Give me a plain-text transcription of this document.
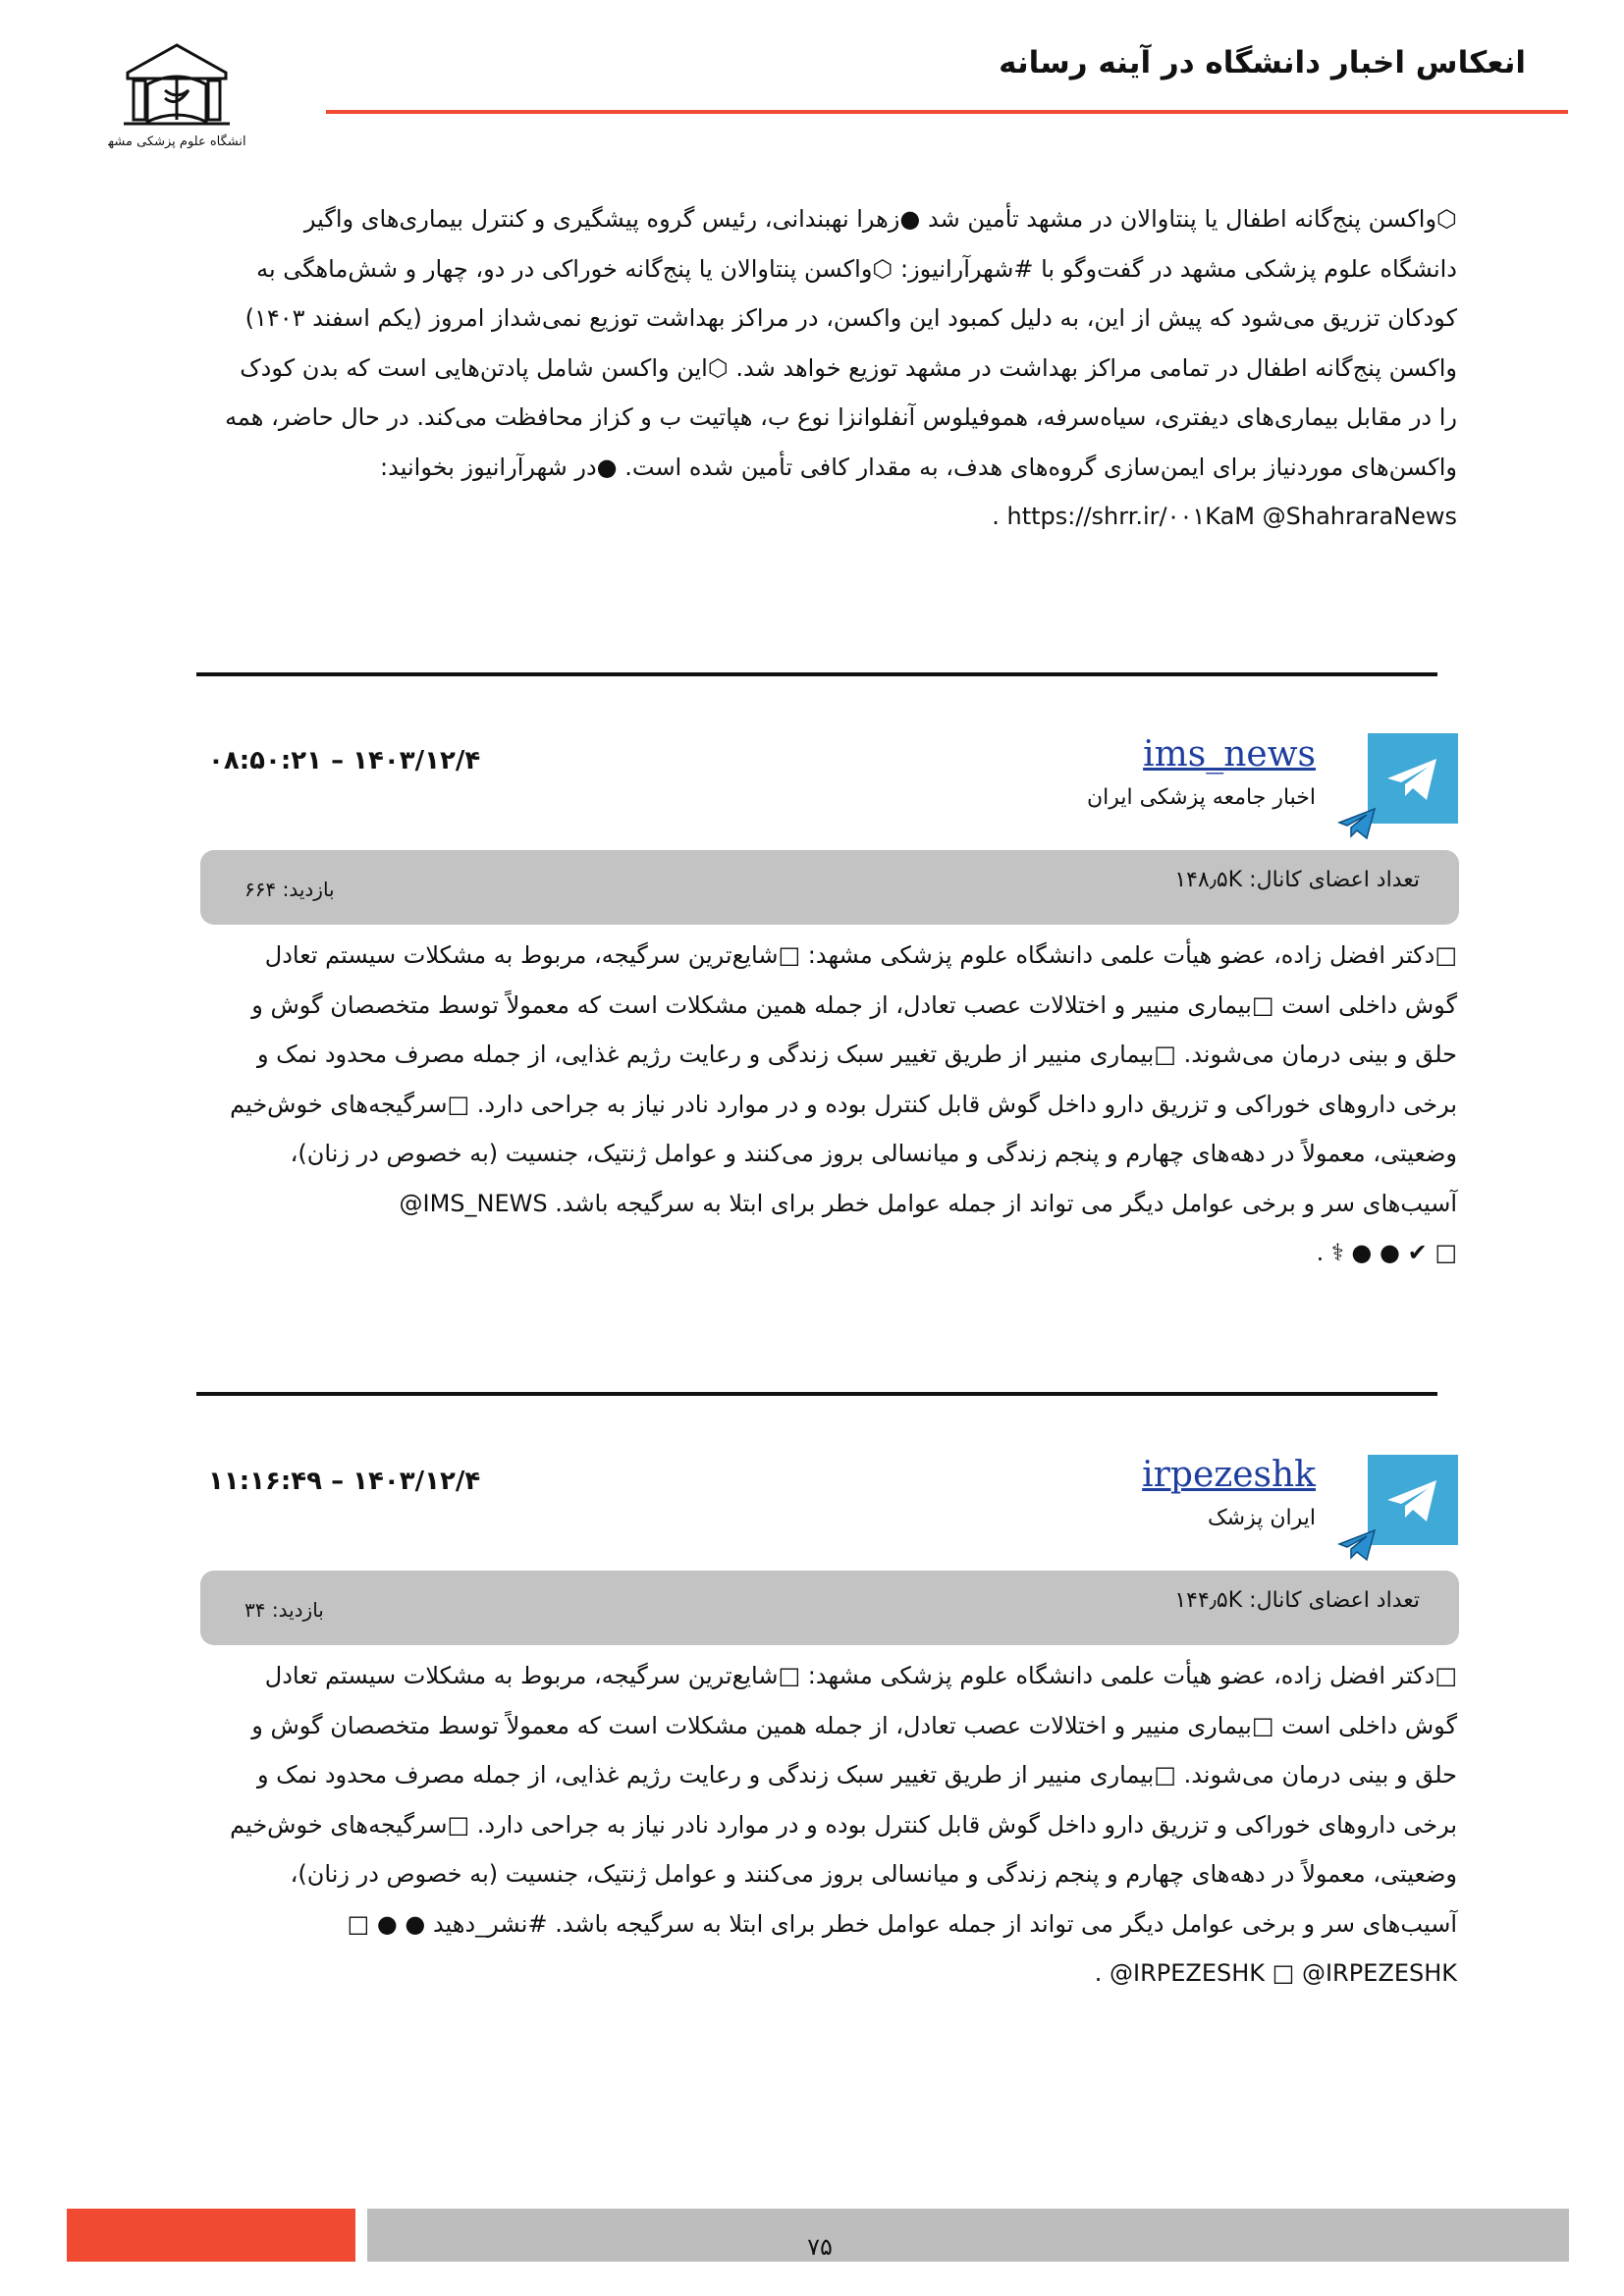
انعکاس اخبار دانشگاه در آینه رسانه
دانشگاه علوم پزشکی مشهد
⬡واکسن پنج‌گانه اطفال یا پنتاوالان در مشهد تأمین شد ●زهرا نهبندانی، رئیس گروه پیشگیری و کنترل بیماری‌های واگیر
دانشگاه علوم پزشکی مشهد در گفت‌وگو با #شهرآرانیوز: ⬡واکسن پنتاوالان یا پنج‌گانه خوراکی در دو، چهار و شش‌ماهگی به
کودکان تزریق می‌شود که پیش از این، به دلیل کمبود این واکسن، در مراکز بهداشت توزیع نمی‌شداز امروز (یکم اسفند ۱۴۰۳)
واکسن پنج‌گانه اطفال در تمامی مراکز بهداشت در مشهد توزیع خواهد شد. ⬡این واکسن شامل پادتن‌هایی است که بدن کودک
را در مقابل بیماری‌های دیفتری، سیاه‌سرفه، هموفیلوس آنفلوانزا نوع ب، هپاتیت ب و کزاز محافظت می‌کند. در حال حاضر، همه
واکسن‌های موردنیاز برای ایمن‌سازی گروه‌های هدف، به مقدار کافی تأمین شده است. ●در شهرآرانیوز بخوانید:
https://shrr.ir/۰۰۱KaM @ShahraraNews .
ims_news
اخبار جامعه پزشکی ایران
۱۴۰۳/۱۲/۴ – ۰۸:۵۰:۲۱
تعداد اعضای کانال: ۱۴۸٫۵K
بازدید: ۶۶۴
□دکتر افضل زاده، عضو هیأت علمی دانشگاه علوم پزشکی مشهد: □شایع‌ترین سرگیجه، مربوط به مشکلات سیستم تعادل
گوش داخلی است □بیماری منییر و اختلالات عصب تعادل، از جمله همین مشکلات است که معمولاً توسط متخصصان گوش و
حلق و بینی درمان می‌شوند. □بیماری منییر از طریق تغییر سبک زندگی و رعایت رژیم غذایی، از جمله مصرف محدود نمک و
برخی داروهای خوراکی و تزریق دارو داخل گوش قابل کنترل بوده و در موارد نادر نیاز به جراحی دارد. □سرگیجه‌های خوش‌خیم
وضعیتی، معمولاً در دهه‌های چهارم و پنجم زندگی و میانسالی بروز می‌کنند و عوامل ژنتیک، جنسیت (به خصوص در زنان)،
آسیب‌های سر و برخی عوامل دیگر می تواند از جمله عوامل خطر برای ابتلا به سرگیجه باشد. IMS_NEWS@
□ ✔ ● ● ⚕ .
irpezeshk
ایران پزشک
۱۴۰۳/۱۲/۴ – ۱۱:۱۶:۴۹
تعداد اعضای کانال: ۱۴۴٫۵K
بازدید: ۳۴
□دکتر افضل زاده، عضو هیأت علمی دانشگاه علوم پزشکی مشهد: □شایع‌ترین سرگیجه، مربوط به مشکلات سیستم تعادل
گوش داخلی است □بیماری منییر و اختلالات عصب تعادل، از جمله همین مشکلات است که معمولاً توسط متخصصان گوش و
حلق و بینی درمان می‌شوند. □بیماری منییر از طریق تغییر سبک زندگی و رعایت رژیم غذایی، از جمله مصرف محدود نمک و
برخی داروهای خوراکی و تزریق دارو داخل گوش قابل کنترل بوده و در موارد نادر نیاز به جراحی دارد. □سرگیجه‌های خوش‌خیم
وضعیتی، معمولاً در دهه‌های چهارم و پنجم زندگی و میانسالی بروز می‌کنند و عوامل ژنتیک، جنسیت (به خصوص در زنان)،
آسیب‌های سر و برخی عوامل دیگر می تواند از جمله عوامل خطر برای ابتلا به سرگیجه باشد. #نشر_دهید ● ● □
IRPEZESHK □ @IRPEZESHK@ .
۷۵
